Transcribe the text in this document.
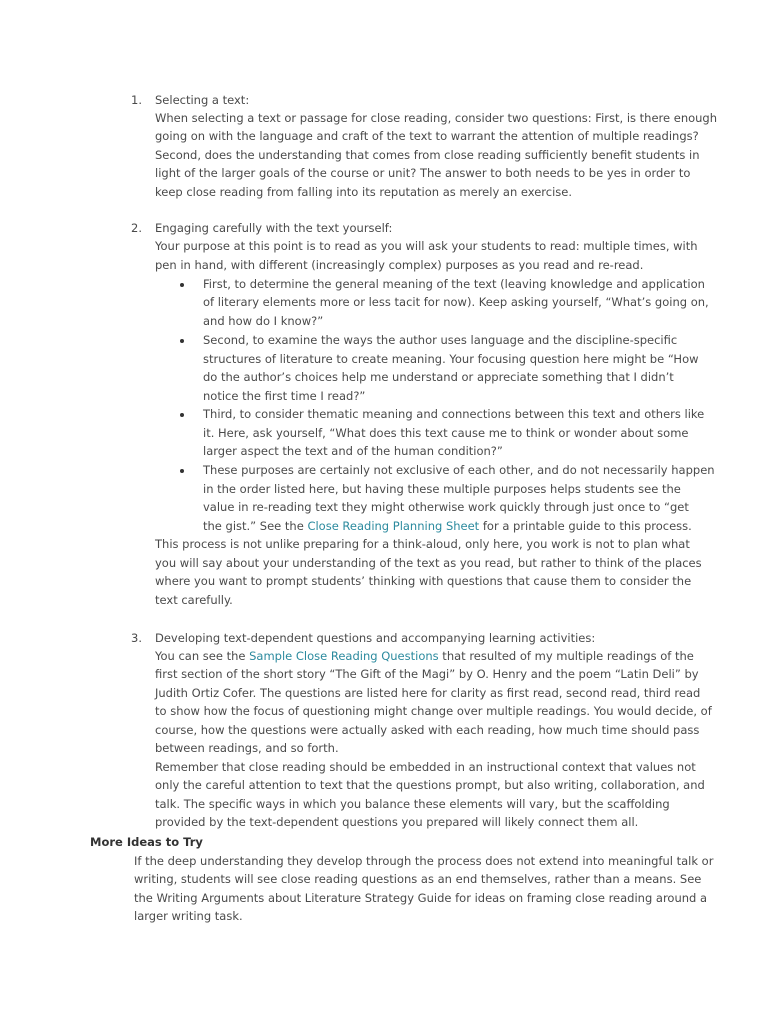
1. Selecting a text:
When selecting a text or passage for close reading, consider two questions: First, is there enough
going on with the language and craft of the text to warrant the attention of multiple readings?
Second, does the understanding that comes from close reading sufficiently benefit students in
light of the larger goals of the course or unit? The answer to both needs to be yes in order to
keep close reading from falling into its reputation as merely an exercise.
2. Engaging carefully with the text yourself:
Your purpose at this point is to read as you will ask your students to read: multiple times, with
pen in hand, with different (increasingly complex) purposes as you read and re-read.
First, to determine the general meaning of the text (leaving knowledge and application
of literary elements more or less tacit for now). Keep asking yourself, “What’s going on,
and how do I know?”
Second, to examine the ways the author uses language and the discipline-specific
structures of literature to create meaning. Your focusing question here might be “How
do the author’s choices help me understand or appreciate something that I didn’t
notice the first time I read?”
Third, to consider thematic meaning and connections between this text and others like
it. Here, ask yourself, “What does this text cause me to think or wonder about some
larger aspect the text and of the human condition?”
These purposes are certainly not exclusive of each other, and do not necessarily happen
in the order listed here, but having these multiple purposes helps students see the
value in re-reading text they might otherwise work quickly through just once to “get
the gist.” See the Close Reading Planning Sheet for a printable guide to this process.
This process is not unlike preparing for a think-aloud, only here, you work is not to plan what
you will say about your understanding of the text as you read, but rather to think of the places
where you want to prompt students’ thinking with questions that cause them to consider the
text carefully.
3. Developing text-dependent questions and accompanying learning activities:
You can see the Sample Close Reading Questions that resulted of my multiple readings of the
first section of the short story “The Gift of the Magi” by O. Henry and the poem “Latin Deli” by
Judith Ortiz Cofer. The questions are listed here for clarity as first read, second read, third read
to show how the focus of questioning might change over multiple readings. You would decide, of
course, how the questions were actually asked with each reading, how much time should pass
between readings, and so forth.
Remember that close reading should be embedded in an instructional context that values not
only the careful attention to text that the questions prompt, but also writing, collaboration, and
talk. The specific ways in which you balance these elements will vary, but the scaffolding
provided by the text-dependent questions you prepared will likely connect them all.
More Ideas to Try
If the deep understanding they develop through the process does not extend into meaningful talk or
writing, students will see close reading questions as an end themselves, rather than a means. See
the Writing Arguments about Literature Strategy Guide for ideas on framing close reading around a
larger writing task.
